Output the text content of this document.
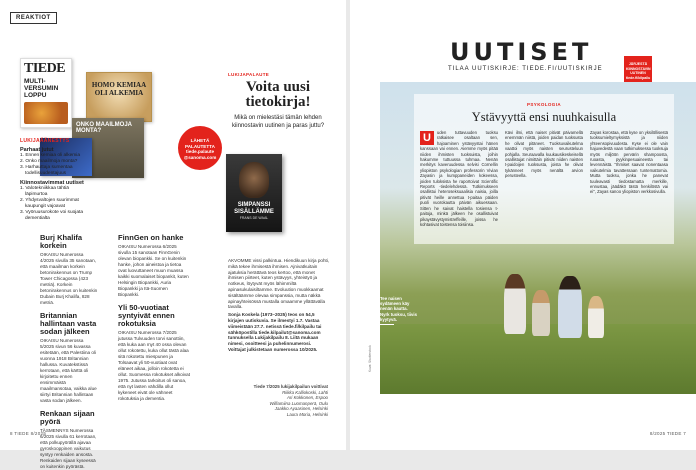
REAKTIOT
TIEDE
MULTI-VERSUMIN LOPPU
HOMO KEMIAA OLI ALKEMIA
ONKO MAAILMOJA MONTA?
LÄHETÄ PALAUTETTA tiede.palaute @sanoma.com
LUKIJAÄÄNESTYS
Parhaat jutut
1. Ennen kemiaa oli alkemia
2. Onko maailmoja monta?
3. Harhauttaja sumentaa todellisuudentajuus
Kiinnostavimmat uutiset
1. Valotekniikkaa tähtiä läpimurtoa
2. Yhdysvaltojen suurimmat kaupungit vajoavat
3. Vyöruusurokote voi suojata dementialta
Burj Khalifa korkein
OIKAISU Numerossa 4/2025 sivulla 35 sanotaan, että maailman korkein betonirakennus on Trump Tower Chicagossa (423 metriä). Korkein betonirakennus on kuitenkin Dubain Burj Khalifa, 828 metriä.
Britannian hallintaan vasta sodan jälkeen
OIKAISU Numerossa 5/2025 sivun 56 kuvassa esitetään, että Palestiina oli vuonna 1918 Britannian hallussa. Kuvatekstissä kerrotaan, että kärttä oli kirjoitettu ennen ensimmäistä maailmansotaa, vaikka alue siirtyi Britannian hallintaan vasta sodan jälkeen.
Renkaan sijaan pyörä
TÄSMENNYS Numerossa 6/2025 sivulla 61 kerrotaan, että polkupyörällä ajavaa gyroskooppinen vaikutus syntyy renkaiden ansosta. Renkaiden sijaan kyseessä on kuitenkin pyörästä.
FinnGen on hanke
OIKAISU Numerossa 6/2025 sivulla 15 sanotaan FinnGenin olevan biopankki. Se on kuitenkin hanke, johon aineistoa ja tietoa ovat luovuttaneet muun muassa kaikki suomalaiset biopankit, kuten Helsingin Biopankki, Auria Biopankki ja Itä-Suomen Biopankki.
Yli 50-vuotiaat syntyivät ennen rokotuksia
OIKAISU Numerossa 7/2025 jutussa Tulvuuden torvi sanottiin, että kuka aan myt 40 ossa olevan ollut rokotettu, kuka ollut tästä alaa sitä rokotettu miespunen ja Tolsaavat yli 50-vuotiaat ovat eläneet aikaa, jolloin rokotetta ei ollut. Suomessa rokotukset alkoivat 1975. Jutussa tarkoitus oli sanoa, että nyt lasten vähdilla ollut kykeneet eivät ole vähneet rokotuksia ja dementia.
LUKIJAPALAUTE
Voita uusi tietokirja!
Mikä on mielestäsi tämän lehden kiinnostavin uutinen ja paras juttu?
SIMPANSSI SISÄLLÄMME
FRANS DE WAAL
AKVOMME vissi palkintua. Hiendikuun kirja pohti, mikä tekee ihmisestä ihmisen. Ajnivatkuitain ajatuksia herättävä teos kertoo, että monet ihmisen piirteet, kuten ystävyys, yhteistyö ja notkeus, löytyvät myös lähimmiltä apinasukulaisiltamme. Evoluution muokkaamat sisältäämme olevaa simpanssia, mutta näkkä apinayhteisössä mustalla omaamme yllättävälla tavalla.
Sonja Koskela (1973–2025) teos on 54,5 kirjajen uutiskuvia. Se ilmestyi 1.7. Vastaa viimeistään 27.7. netissä tiede.fi/kilpailu tai sähköpostilla tiede.kilpailut@sanoma.com tunnuksella Lukijakilpailu 8. Liitä mukaan nimesi, osoitteesi ja puhelinnumerosi. Voittajat julkistetaan numerossa 10/2025.
Tiede 7/2025 lukijakilpailun voittivat
Riikka Kalliokoski, Lahti
Ari Kokkonen, Espoo
Williamiina Luomanperä, Oulu
Jaakko Ayaasinen, Helsinki
Laura Moria, Helsinki
8 TIEDE 8/2025
UUTISET
TILAA UUTISKIRJE: TIEDE.FI/UUTISKIRJE
JÄRJESTÄ KIINNOSTAVIN UUTINEN tiede.fi/kilpailu
PSYKOLOGIA
Ystävyyttä ensi nuuhkaisulla
U	uden tuttavuuden tuoksu ratkaisee osaltaan sen, hajoaminen ystävyystai hänen kanssaan vai ennen. Aiemme myös pitää niiden ihmisten tuoksuista, joihin hakumme tuttuussa tuhmaa. Nenän merkitys kaveruudessa selvisi Cornellin yliopiston psykologian professorin Vivian Zayasin ja kumppaneiden kokeessa, joiden tuloksista he raportoivat Scientific Reports -tiedelehdessä. Tutkimukseen osallistui heteroseksuaalisia naisia, joilla pitivät heille annettua t-paitaa päiden puoli vuorokautta päivän aikuessaan. Sitten he saivat haistella tosiensa t-paitoja, minkä jälkeen he osallistuivat pikaystävystymistreffeille, joissa he kohtasivat toistensa toisiinsa.
Kävi ilmi, että naiset pitivät päivamellä enemmän niistä, joiden paidan tuoksusta he olivat pitäneet. Tuoksuvaikutelma vaattoi myös naisten seurusteluun pohjalla. Seuraavalla kuukausikeskeisellä osallistujat nimittäin pitivät niiden naisten t-paidoijen tuoksusta, joista he olivat tykänneet myös nenältä arvion perusteella.
Zayas korostaa, että kyse on yksilöllisestä tuoksumieltymyksistä ja niiden yhteensopivuudesta. Kyse ei ole vain hajuvedestä vaan tutkimuksessa tuoksuja myös miljöön pervärin shampoosta, ruoasta, pyykinpesuaineesta tai levennäistä. "Ihmiset saavat nonentaasa vaikutelmia tavattessaan tuntemattomia. Mutta tuoksu, jonka he panevat tuuleavasti tiedostamatta merkille, ennustaa, jäädäkö tästä henkilöstä vai ei", Zayas sanoo yliopiston verkkosivulla.
Tee naisen sydämeen käy nenän kautta. Nyrk tuoksu, tiivis kyytyvä.
Kuva: Shutterstock
8/2025 TIEDE 7
